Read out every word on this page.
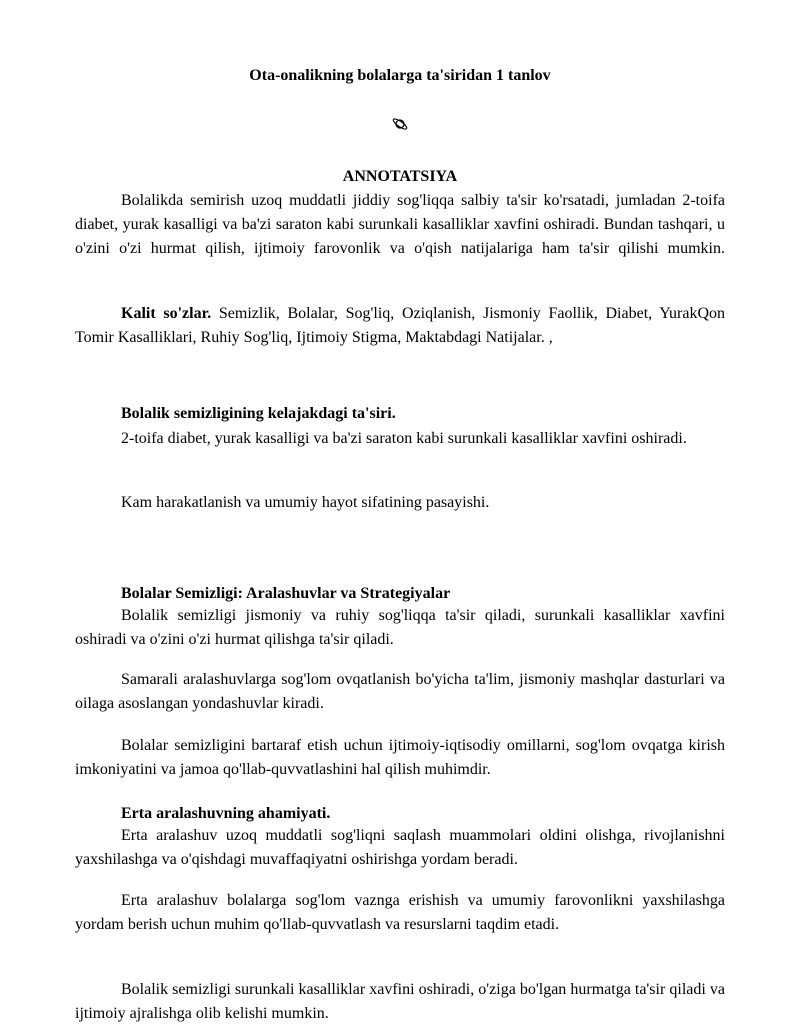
Ota-onalikning bolalarga ta'siridan 1 tanlov
ANNOTATSIYA

Bolalikda semirish uzoq muddatli jiddiy sog'liqqa salbiy ta'sir ko'rsatadi, jumladan 2-toifa diabet, yurak kasalligi va ba'zi saraton kabi surunkali kasalliklar xavfini oshiradi. Bundan tashqari, u o'zini o'zi hurmat qilish, ijtimoiy farovonlik va o'qish natijalariga ham ta'sir qilishi mumkin.

Kalit so'zlar. Semizlik, Bolalar, Sog'liq, Oziqlanish, Jismoniy Faollik, Diabet, YurakQon Tomir Kasalliklari, Ruhiy Sog'liq, Ijtimoiy Stigma, Maktabdagi Natijalar. ,

Bolalik semizligining kelajakdagi ta'siri.

2-toifa diabet, yurak kasalligi va ba'zi saraton kabi surunkali kasalliklar xavfini oshiradi.

Kam harakatlanish va umumiy hayot sifatining pasayishi.

Bolalar Semizligi: Aralashuvlar va Strategiyalar

Bolalik semizligi jismoniy va ruhiy sog'liqqa ta'sir qiladi, surunkali kasalliklar xavfini oshiradi va o'zini o'zi hurmat qilishga ta'sir qiladi.

Samarali aralashuvlarga sog'lom ovqatlanish bo'yicha ta'lim, jismoniy mashqlar dasturlari va oilaga asoslangan yondashuvlar kiradi.

Bolalar semizligini bartaraf etish uchun ijtimoiy-iqtisodiy omillarni, sog'lom ovqatga kirish imkoniyatini va jamoa qo'llab-quvvatlashini hal qilish muhimdir.

Erta aralashuvning ahamiyati.

Erta aralashuv uzoq muddatli sog'liqni saqlash muammolari oldini olishga, rivojlanishni yaxshilashga va o'qishdagi muvaffaqiyatni oshirishga yordam beradi.

Erta aralashuv bolalarga sog'lom vaznga erishish va umumiy farovonlikni yaxshilashga yordam berish uchun muhim qo'llab-quvvatlash va resurslarni taqdim etadi.

Bolalik semizligi surunkali kasalliklar xavfini oshiradi, o'ziga bo'lgan hurmatga ta'sir qiladi va ijtimoiy ajralishga olib kelishi mumkin.
